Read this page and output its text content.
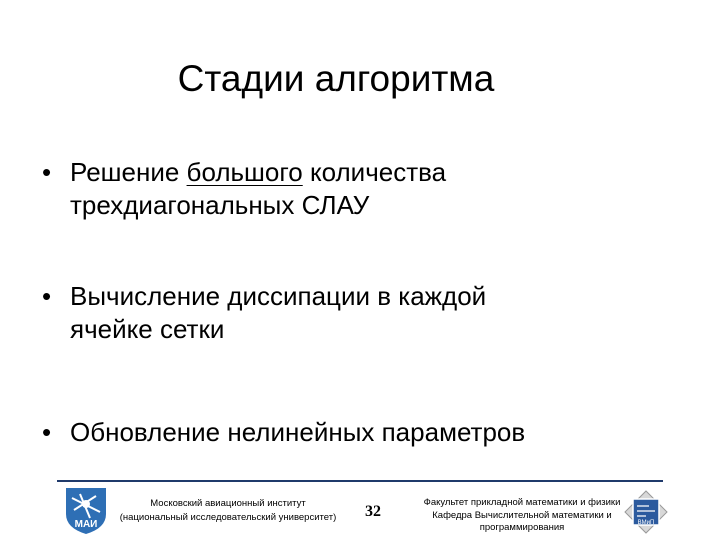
Стадии алгоритма
• Решение большого количества
трехдиагональных СЛАУ
• Вычисление диссипации в каждой
ячейке сетки
• Обновление нелинейных параметров
МАИ
Московский авиационный институт
(национальный исследовательский университет)	32
Факультет прикладной математики и физики
Кафедра Вычислительной математики и
программирования	ВМиП
